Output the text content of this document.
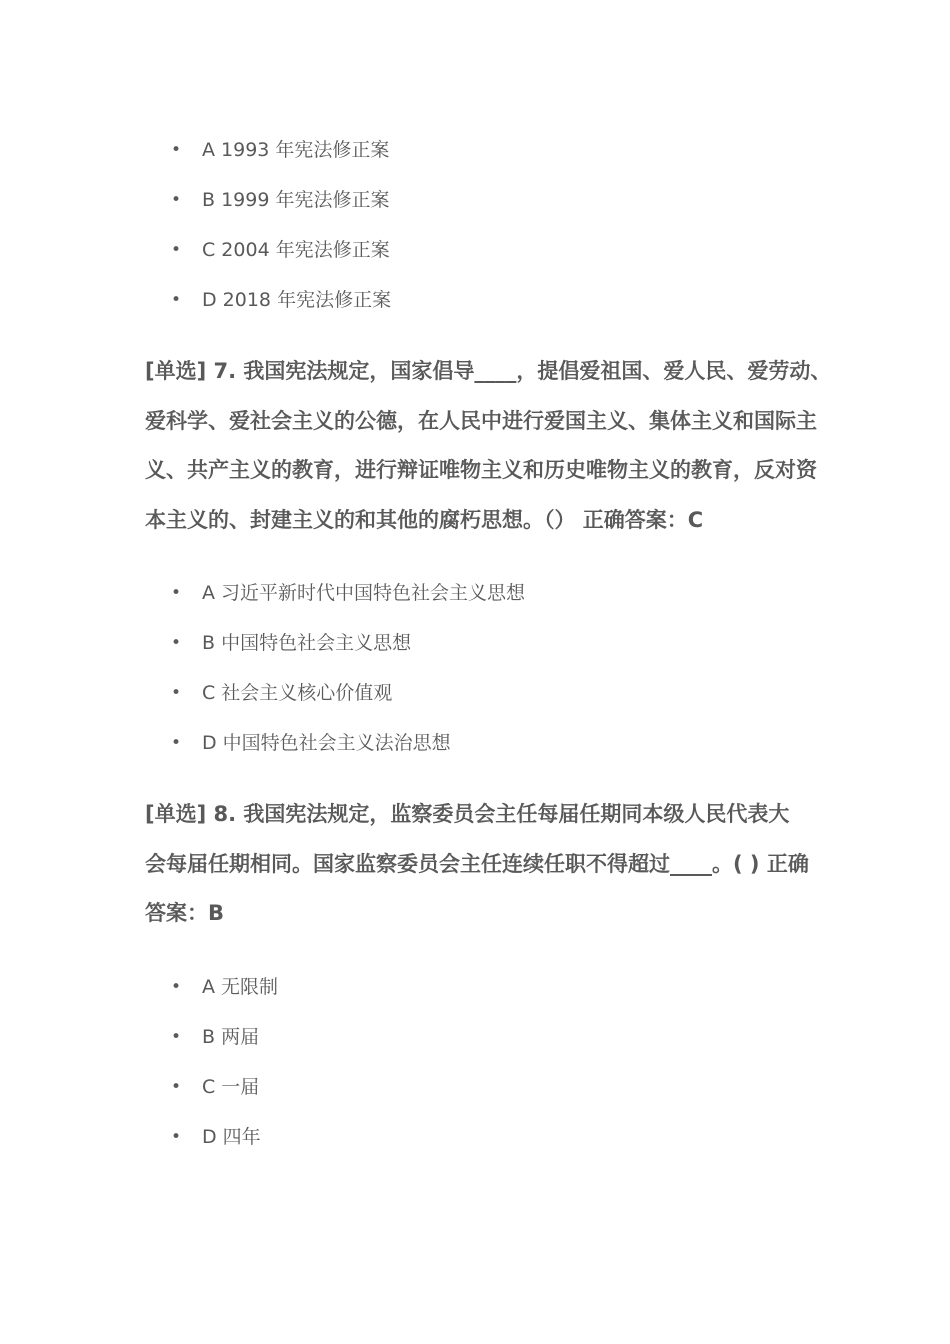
• A 1993 年宪法修正案
• B 1999 年宪法修正案
• C 2004 年宪法修正案
• D 2018 年宪法修正案

[单选] 7. 我国宪法规定，国家倡导____，提倡爱祖国、爱人民、爱劳动、
爱科学、爱社会主义的公德，在人民中进行爱国主义、集体主义和国际主
义、共产主义的教育，进行辩证唯物主义和历史唯物主义的教育，反对资
本主义的、封建主义的和其他的腐朽思想。（） 正确答案：C

• A 习近平新时代中国特色社会主义思想
• B 中国特色社会主义思想
• C 社会主义核心价值观
• D 中国特色社会主义法治思想

[单选] 8. 我国宪法规定，监察委员会主任每届任期同本级人民代表大
会每届任期相同。国家监察委员会主任连续任职不得超过____。( ) 正确
答案：B

• A 无限制
• B 两届
• C 一届
• D 四年
